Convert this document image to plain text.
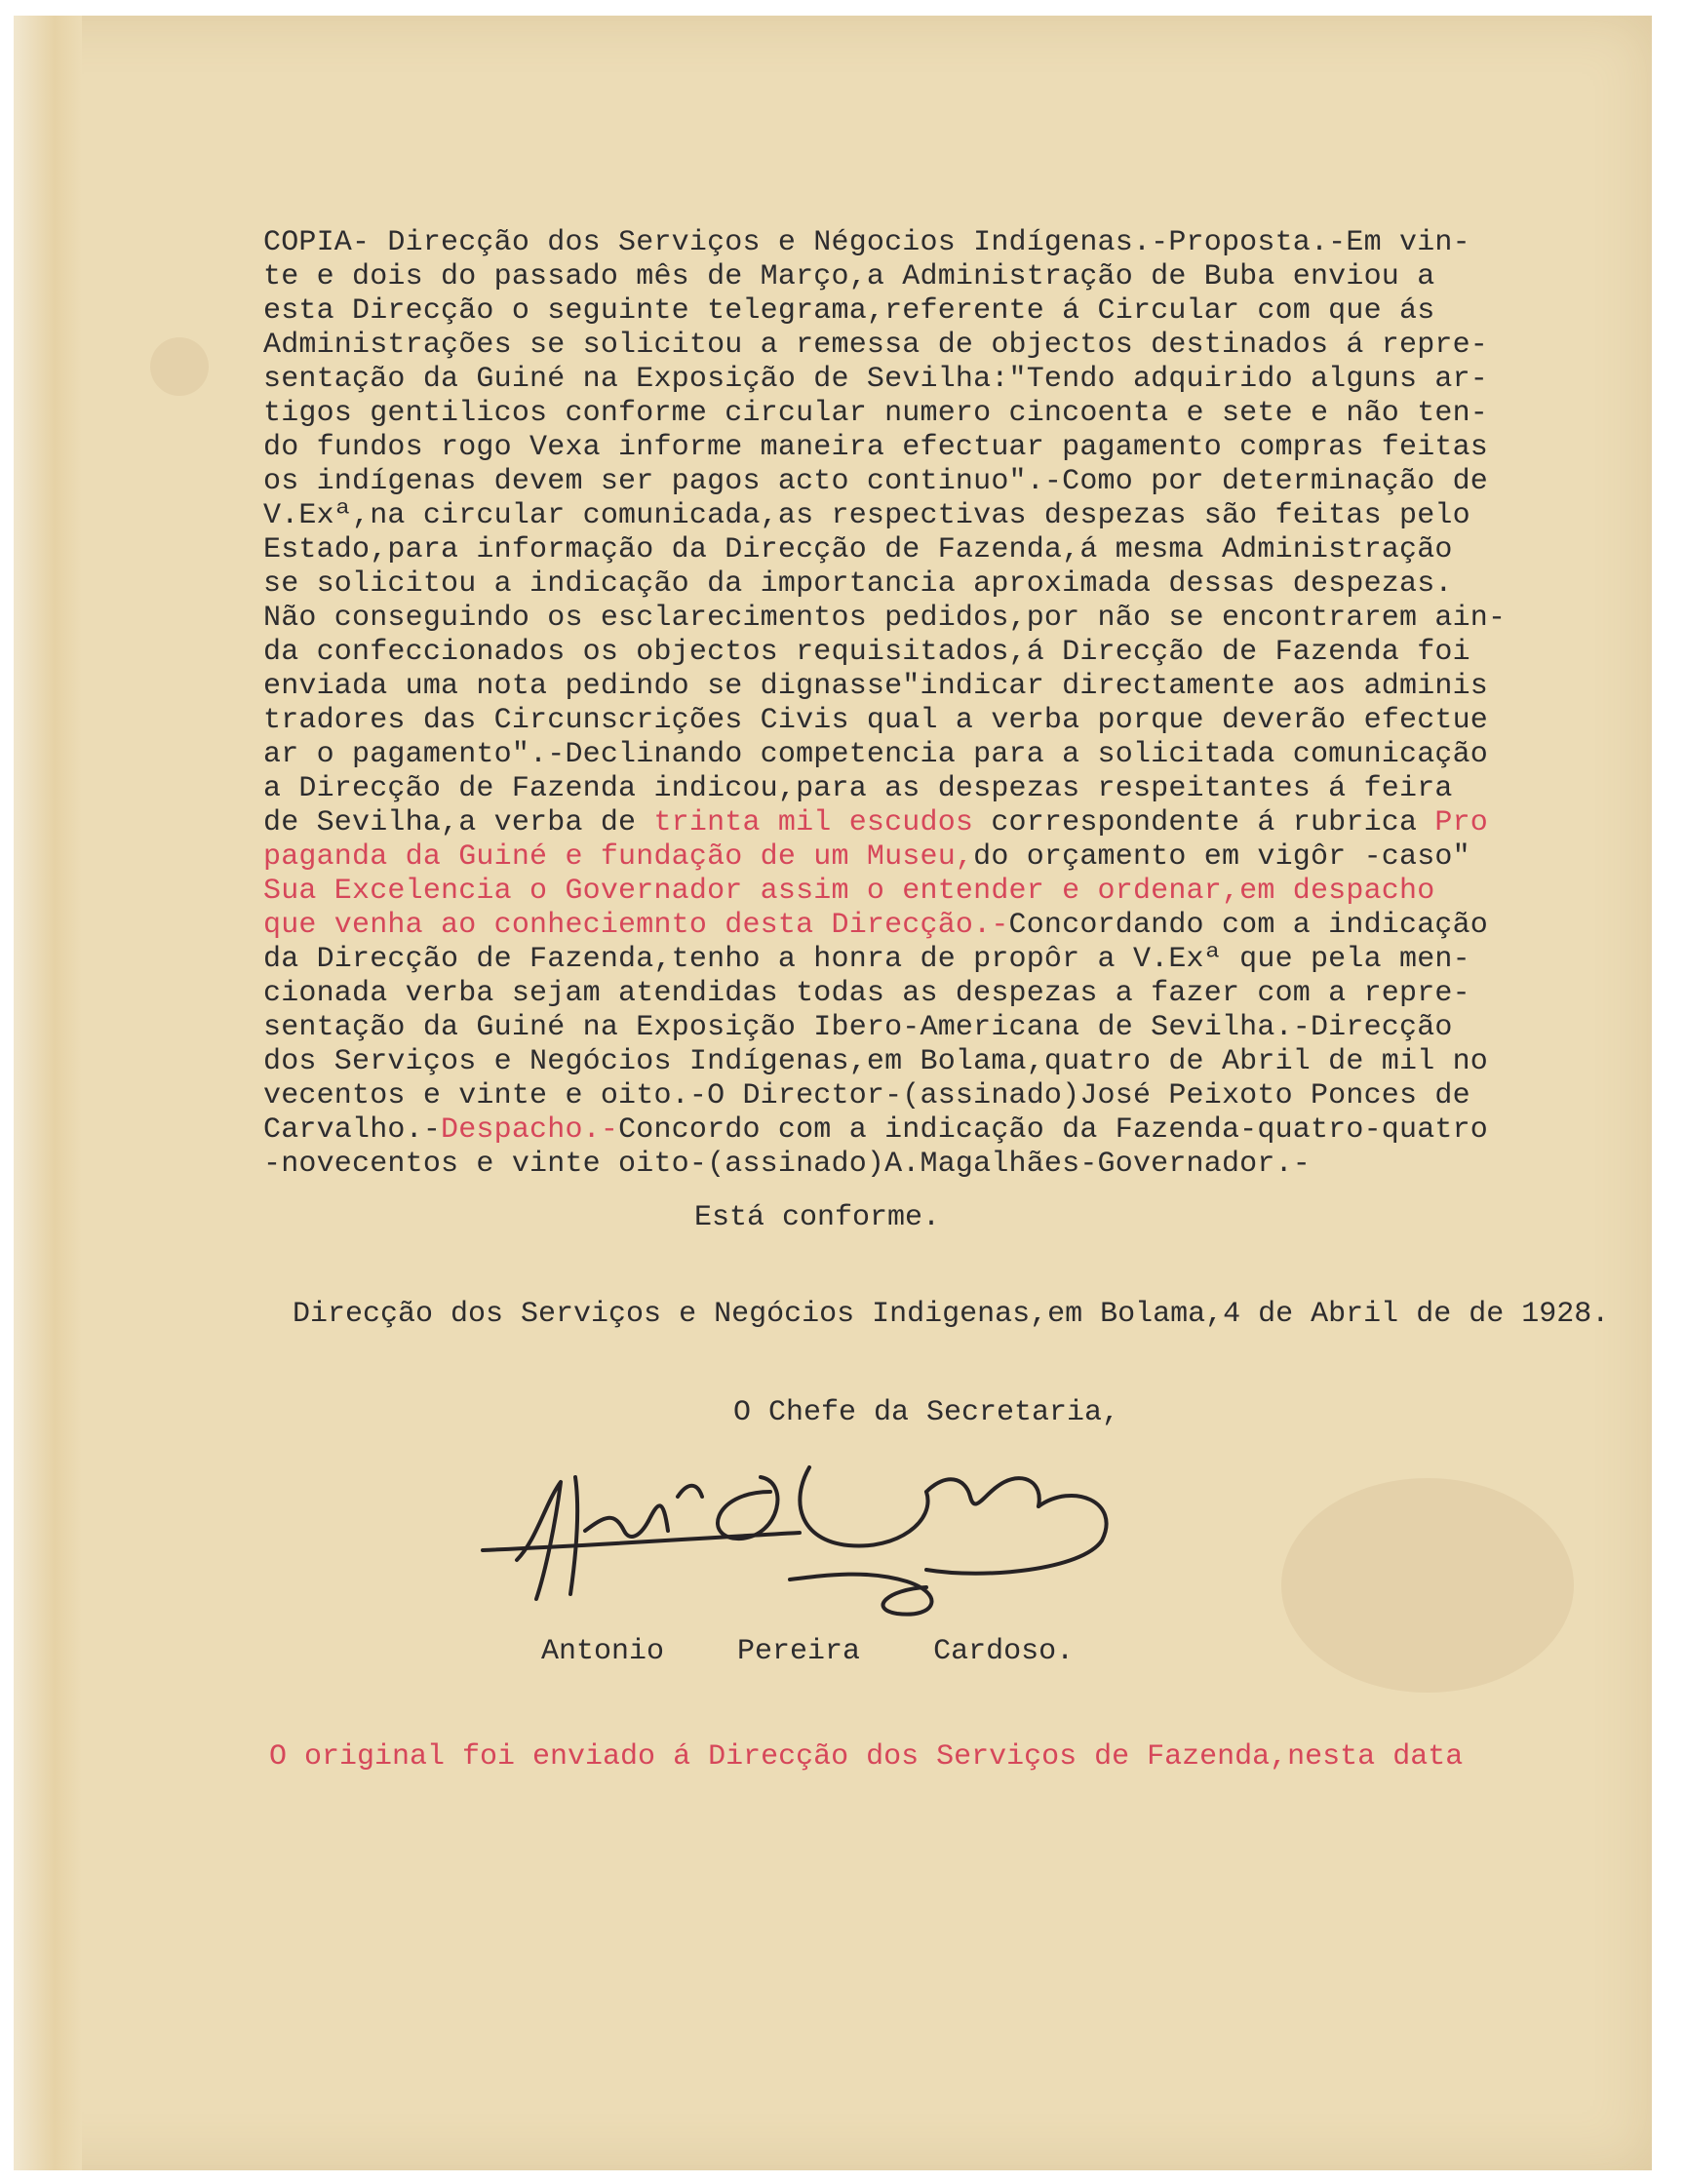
COPIA- Direcção dos Serviços e Négocios Indígenas.-Proposta.-Em vin-
te e dois do passado mês de Março,a Administração de Buba enviou a
esta Direcção o seguinte telegrama,referente á Circular com que ás
Administrações se solicitou a remessa de objectos destinados á repre-
sentação da Guiné na Exposição de Sevilha:"Tendo adquirido alguns ar-
tigos gentilicos conforme circular numero cincoenta e sete e não ten-
do fundos rogo Vexa informe maneira efectuar pagamento compras feitas
os indígenas devem ser pagos acto continuo".-Como por determinação de
V.Exª,na circular comunicada,as respectivas despezas são feitas pelo
Estado,para informação da Direcção de Fazenda,á mesma Administração
se solicitou a indicação da importancia aproximada dessas despezas.
Não conseguindo os esclarecimentos pedidos,por não se encontrarem ain-
da confeccionados os objectos requisitados,á Direcção de Fazenda foi
enviada uma nota pedindo se dignasse"indicar directamente aos adminis
tradores das Circunscrições Civis qual a verba porque deverão efectue
ar o pagamento".-Declinando competencia para a solicitada comunicação
a Direcção de Fazenda indicou,para as despezas respeitantes á feira
de Sevilha,a verba de trinta mil escudos correspondente á rubrica Pro
paganda da Guiné e fundação de um Museu,do orçamento em vigôr -caso"
Sua Excelencia o Governador assim o entender e ordenar,em despacho
que venha ao conheciemnto desta Direcção.-Concordando com a indicação
da Direcção de Fazenda,tenho a honra de propôr a V.Exª que pela men-
cionada verba sejam atendidas todas as despezas a fazer com a repre-
sentação da Guiné na Exposição Ibero-Americana de Sevilha.-Direcção
dos Serviços e Negócios Indígenas,em Bolama,quatro de Abril de mil no
vecentos e vinte e oito.-O Director-(assinado)José Peixoto Ponces de
Carvalho.-Despacho.-Concordo com a indicação da Fazenda-quatro-quatro
-novecentos e vinte oito-(assinado)A.Magalhães-Governador.-
Está conforme.
Direcção dos Serviços e Negócios Indigenas,em Bolama,4 de Abril de de 1928.
O Chefe da Secretaria,
Antonio	Pereira	Cardoso.
O original foi enviado á Direcção dos Serviços de Fazenda,nesta data
